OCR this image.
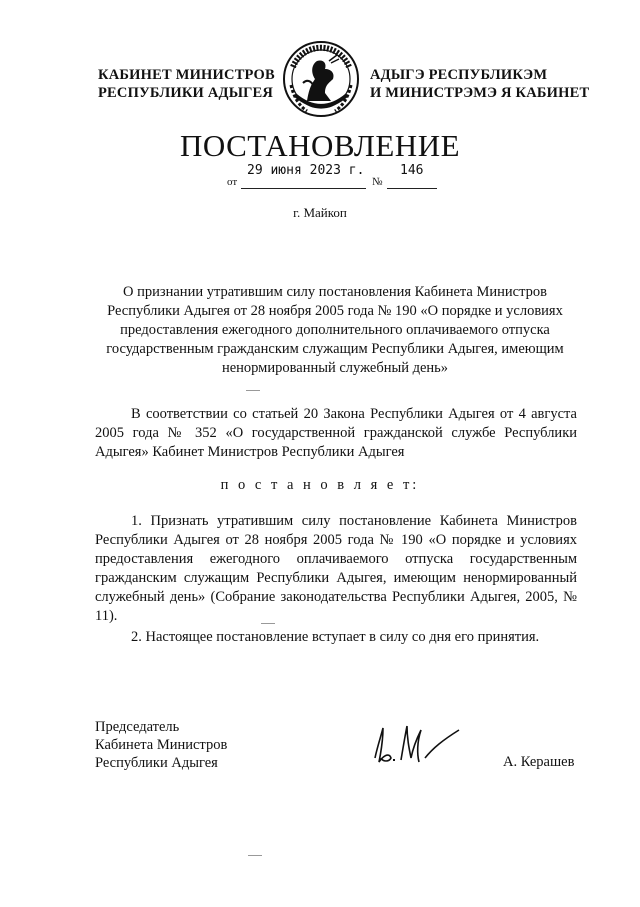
КАБИНЕТ МИНИСТРОВ
РЕСПУБЛИКИ АДЫГЕЯ
АДЫГЭ РЕСПУБЛИКЭМ
И МИНИСТРЭМЭ Я КАБИНЕТ
ПОСТАНОВЛЕНИЕ
29 июня 2023 г.	146
от	№
г. Майкоп
О признании утратившим силу постановления Кабинета Министров Республики Адыгея от 28 ноября 2005 года № 190 «О порядке и условиях предоставления ежегодного дополнительного оплачиваемого отпуска государственным гражданским служащим Республики Адыгея, имеющим ненормированный служебный день»
В соответствии со статьей 20 Закона Республики Адыгея от 4 августа 2005 года № 352 «О государственной гражданской службе Республики Адыгея» Кабинет Министров Республики Адыгея
п о с т а н о в л я е т:
1. Признать утратившим силу постановление Кабинета Министров Республики Адыгея от 28 ноября 2005 года № 190 «О порядке и условиях предоставления ежегодного оплачиваемого отпуска государственным гражданским служащим Республики Адыгея, имеющим ненормированный служебный день» (Собрание законодательства Республики Адыгея, 2005, № 11).
2. Настоящее постановление вступает в силу со дня его принятия.
Председатель
Кабинета Министров
Республики Адыгея	А. Керашев
